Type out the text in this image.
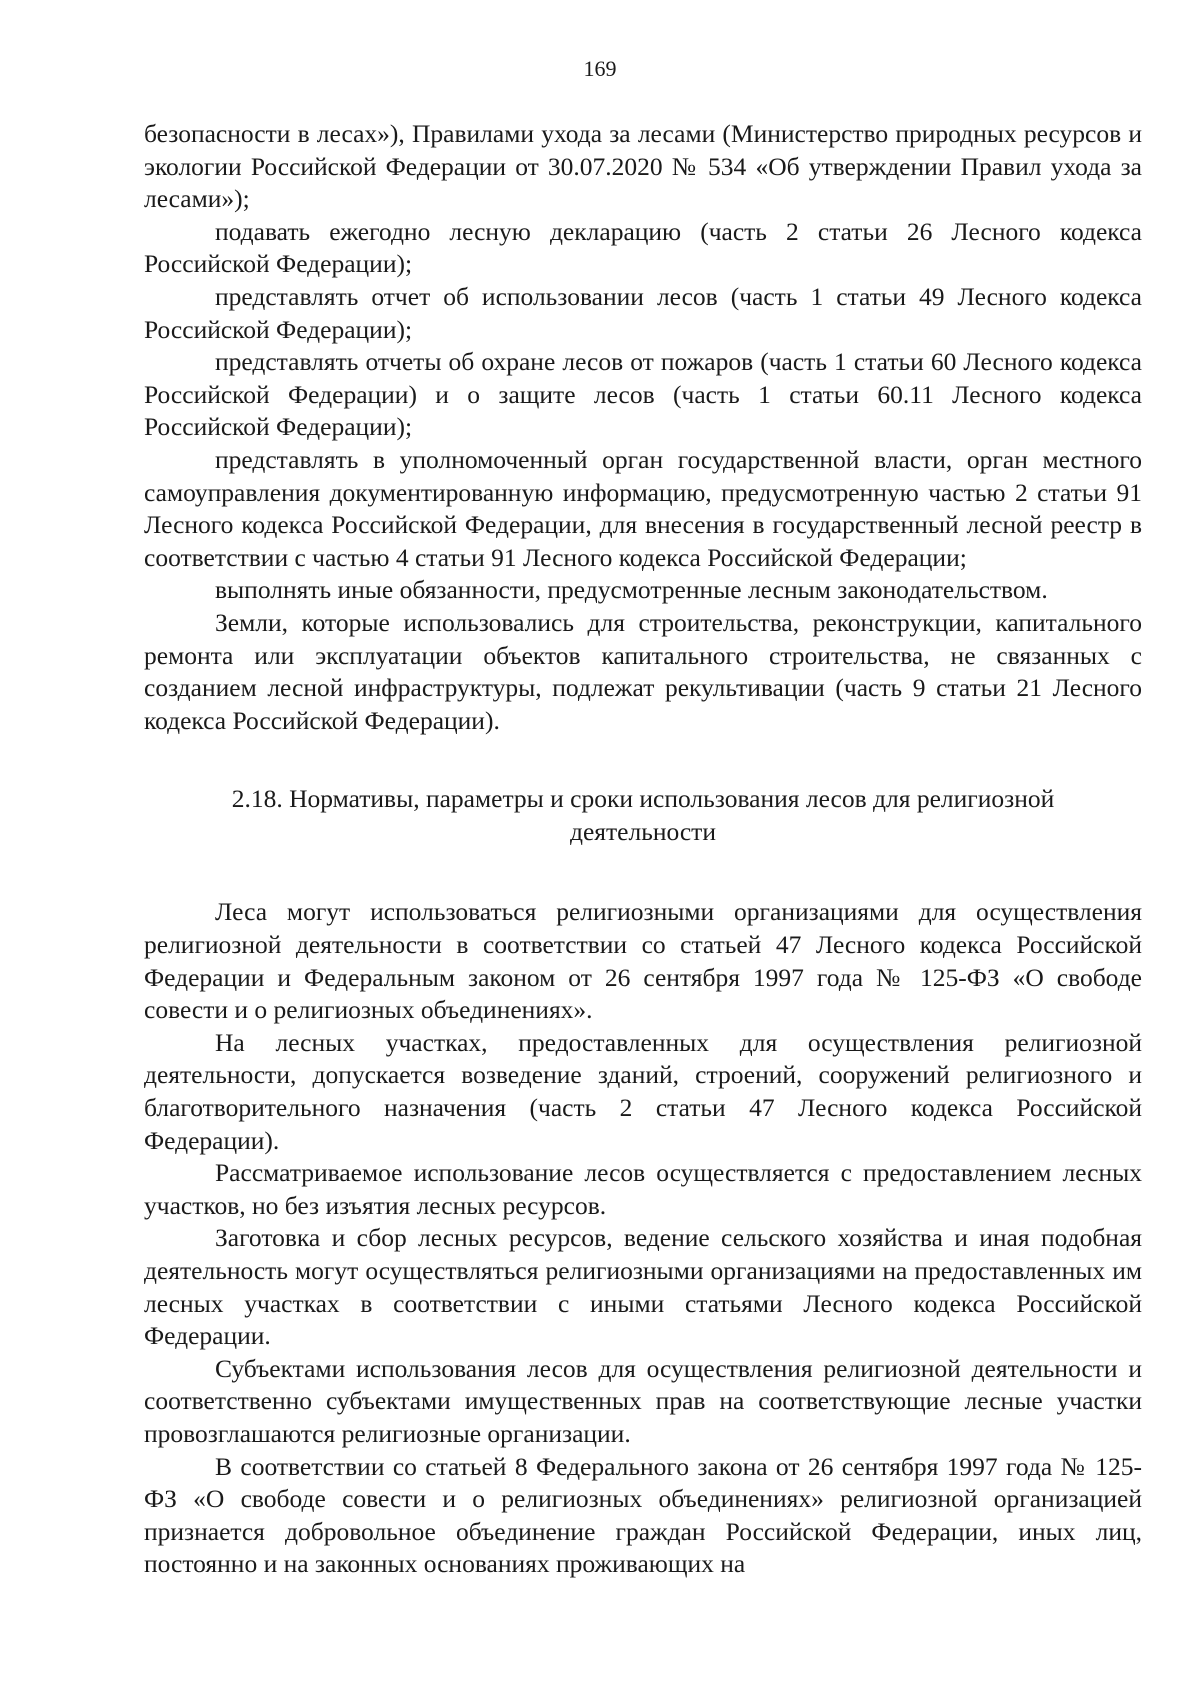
169

безопасности в лесах»), Правилами ухода за лесами (Министерство природных ресурсов и экологии Российской Федерации от 30.07.2020 № 534 «Об утверждении Правил ухода за лесами»);

подавать ежегодно лесную декларацию (часть 2 статьи 26 Лесного кодекса Российской Федерации);

представлять отчет об использовании лесов (часть 1 статьи 49 Лесного кодекса Российской Федерации);

представлять отчеты об охране лесов от пожаров (часть 1 статьи 60 Лесного кодекса Российской Федерации) и о защите лесов (часть 1 статьи 60.11 Лесного кодекса Российской Федерации);

представлять в уполномоченный орган государственной власти, орган местного самоуправления документированную информацию, предусмотренную частью 2 статьи 91 Лесного кодекса Российской Федерации, для внесения в государственный лесной реестр в соответствии с частью 4 статьи 91 Лесного кодекса Российской Федерации;

выполнять иные обязанности, предусмотренные лесным законодательством.

Земли, которые использовались для строительства, реконструкции, капитального ремонта или эксплуатации объектов капитального строительства, не связанных с созданием лесной инфраструктуры, подлежат рекультивации (часть 9 статьи 21 Лесного кодекса Российской Федерации).

2.18. Нормативы, параметры и сроки использования лесов для религиозной
деятельности

Леса могут использоваться религиозными организациями для осуществления религиозной деятельности в соответствии со статьей 47 Лесного кодекса Российской Федерации и Федеральным законом от 26 сентября 1997 года № 125-ФЗ «О свободе совести и о религиозных объединениях».

На лесных участках, предоставленных для осуществления религиозной деятельности, допускается возведение зданий, строений, сооружений религиозного и благотворительного назначения (часть 2 статьи 47 Лесного кодекса Российской Федерации).

Рассматриваемое использование лесов осуществляется с предоставлением лесных участков, но без изъятия лесных ресурсов.

Заготовка и сбор лесных ресурсов, ведение сельского хозяйства и иная подобная деятельность могут осуществляться религиозными организациями на предоставленных им лесных участках в соответствии с иными статьями Лесного кодекса Российской Федерации.

Субъектами использования лесов для осуществления религиозной деятельности и соответственно субъектами имущественных прав на соответствующие лесные участки провозглашаются религиозные организации.

В соответствии со статьей 8 Федерального закона от 26 сентября 1997 года № 125-ФЗ «О свободе совести и о религиозных объединениях» религиозной организацией признается добровольное объединение граждан Российской Федерации, иных лиц, постоянно и на законных основаниях проживающих на
